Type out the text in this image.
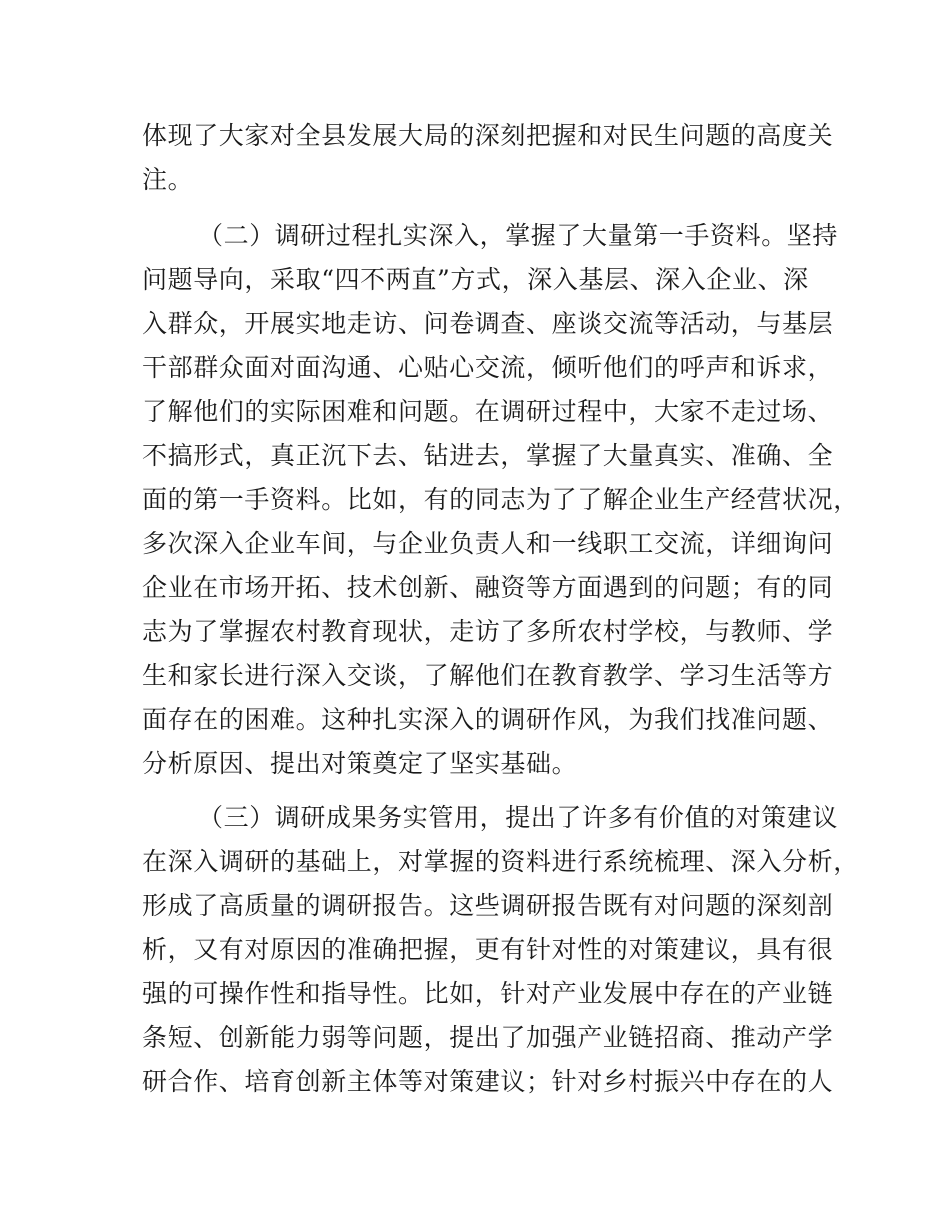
体现了大家对全县发展大局的深刻把握和对民生问题的高度关
注。
（二）调研过程扎实深入，掌握了大量第一手资料。坚持
问题导向，采取“四不两直”方式，深入基层、深入企业、深
入群众，开展实地走访、问卷调查、座谈交流等活动，与基层
干部群众面对面沟通、心贴心交流，倾听他们的呼声和诉求，
了解他们的实际困难和问题。在调研过程中，大家不走过场、
不搞形式，真正沉下去、钻进去，掌握了大量真实、准确、全
面的第一手资料。比如，有的同志为了了解企业生产经营状况，
多次深入企业车间，与企业负责人和一线职工交流，详细询问
企业在市场开拓、技术创新、融资等方面遇到的问题；有的同
志为了掌握农村教育现状，走访了多所农村学校，与教师、学
生和家长进行深入交谈，了解他们在教育教学、学习生活等方
面存在的困难。这种扎实深入的调研作风，为我们找准问题、
分析原因、提出对策奠定了坚实基础。
（三）调研成果务实管用，提出了许多有价值的对策建议
在深入调研的基础上，对掌握的资料进行系统梳理、深入分析，
形成了高质量的调研报告。这些调研报告既有对问题的深刻剖
析，又有对原因的准确把握，更有针对性的对策建议，具有很
强的可操作性和指导性。比如，针对产业发展中存在的产业链
条短、创新能力弱等问题，提出了加强产业链招商、推动产学
研合作、培育创新主体等对策建议；针对乡村振兴中存在的人
